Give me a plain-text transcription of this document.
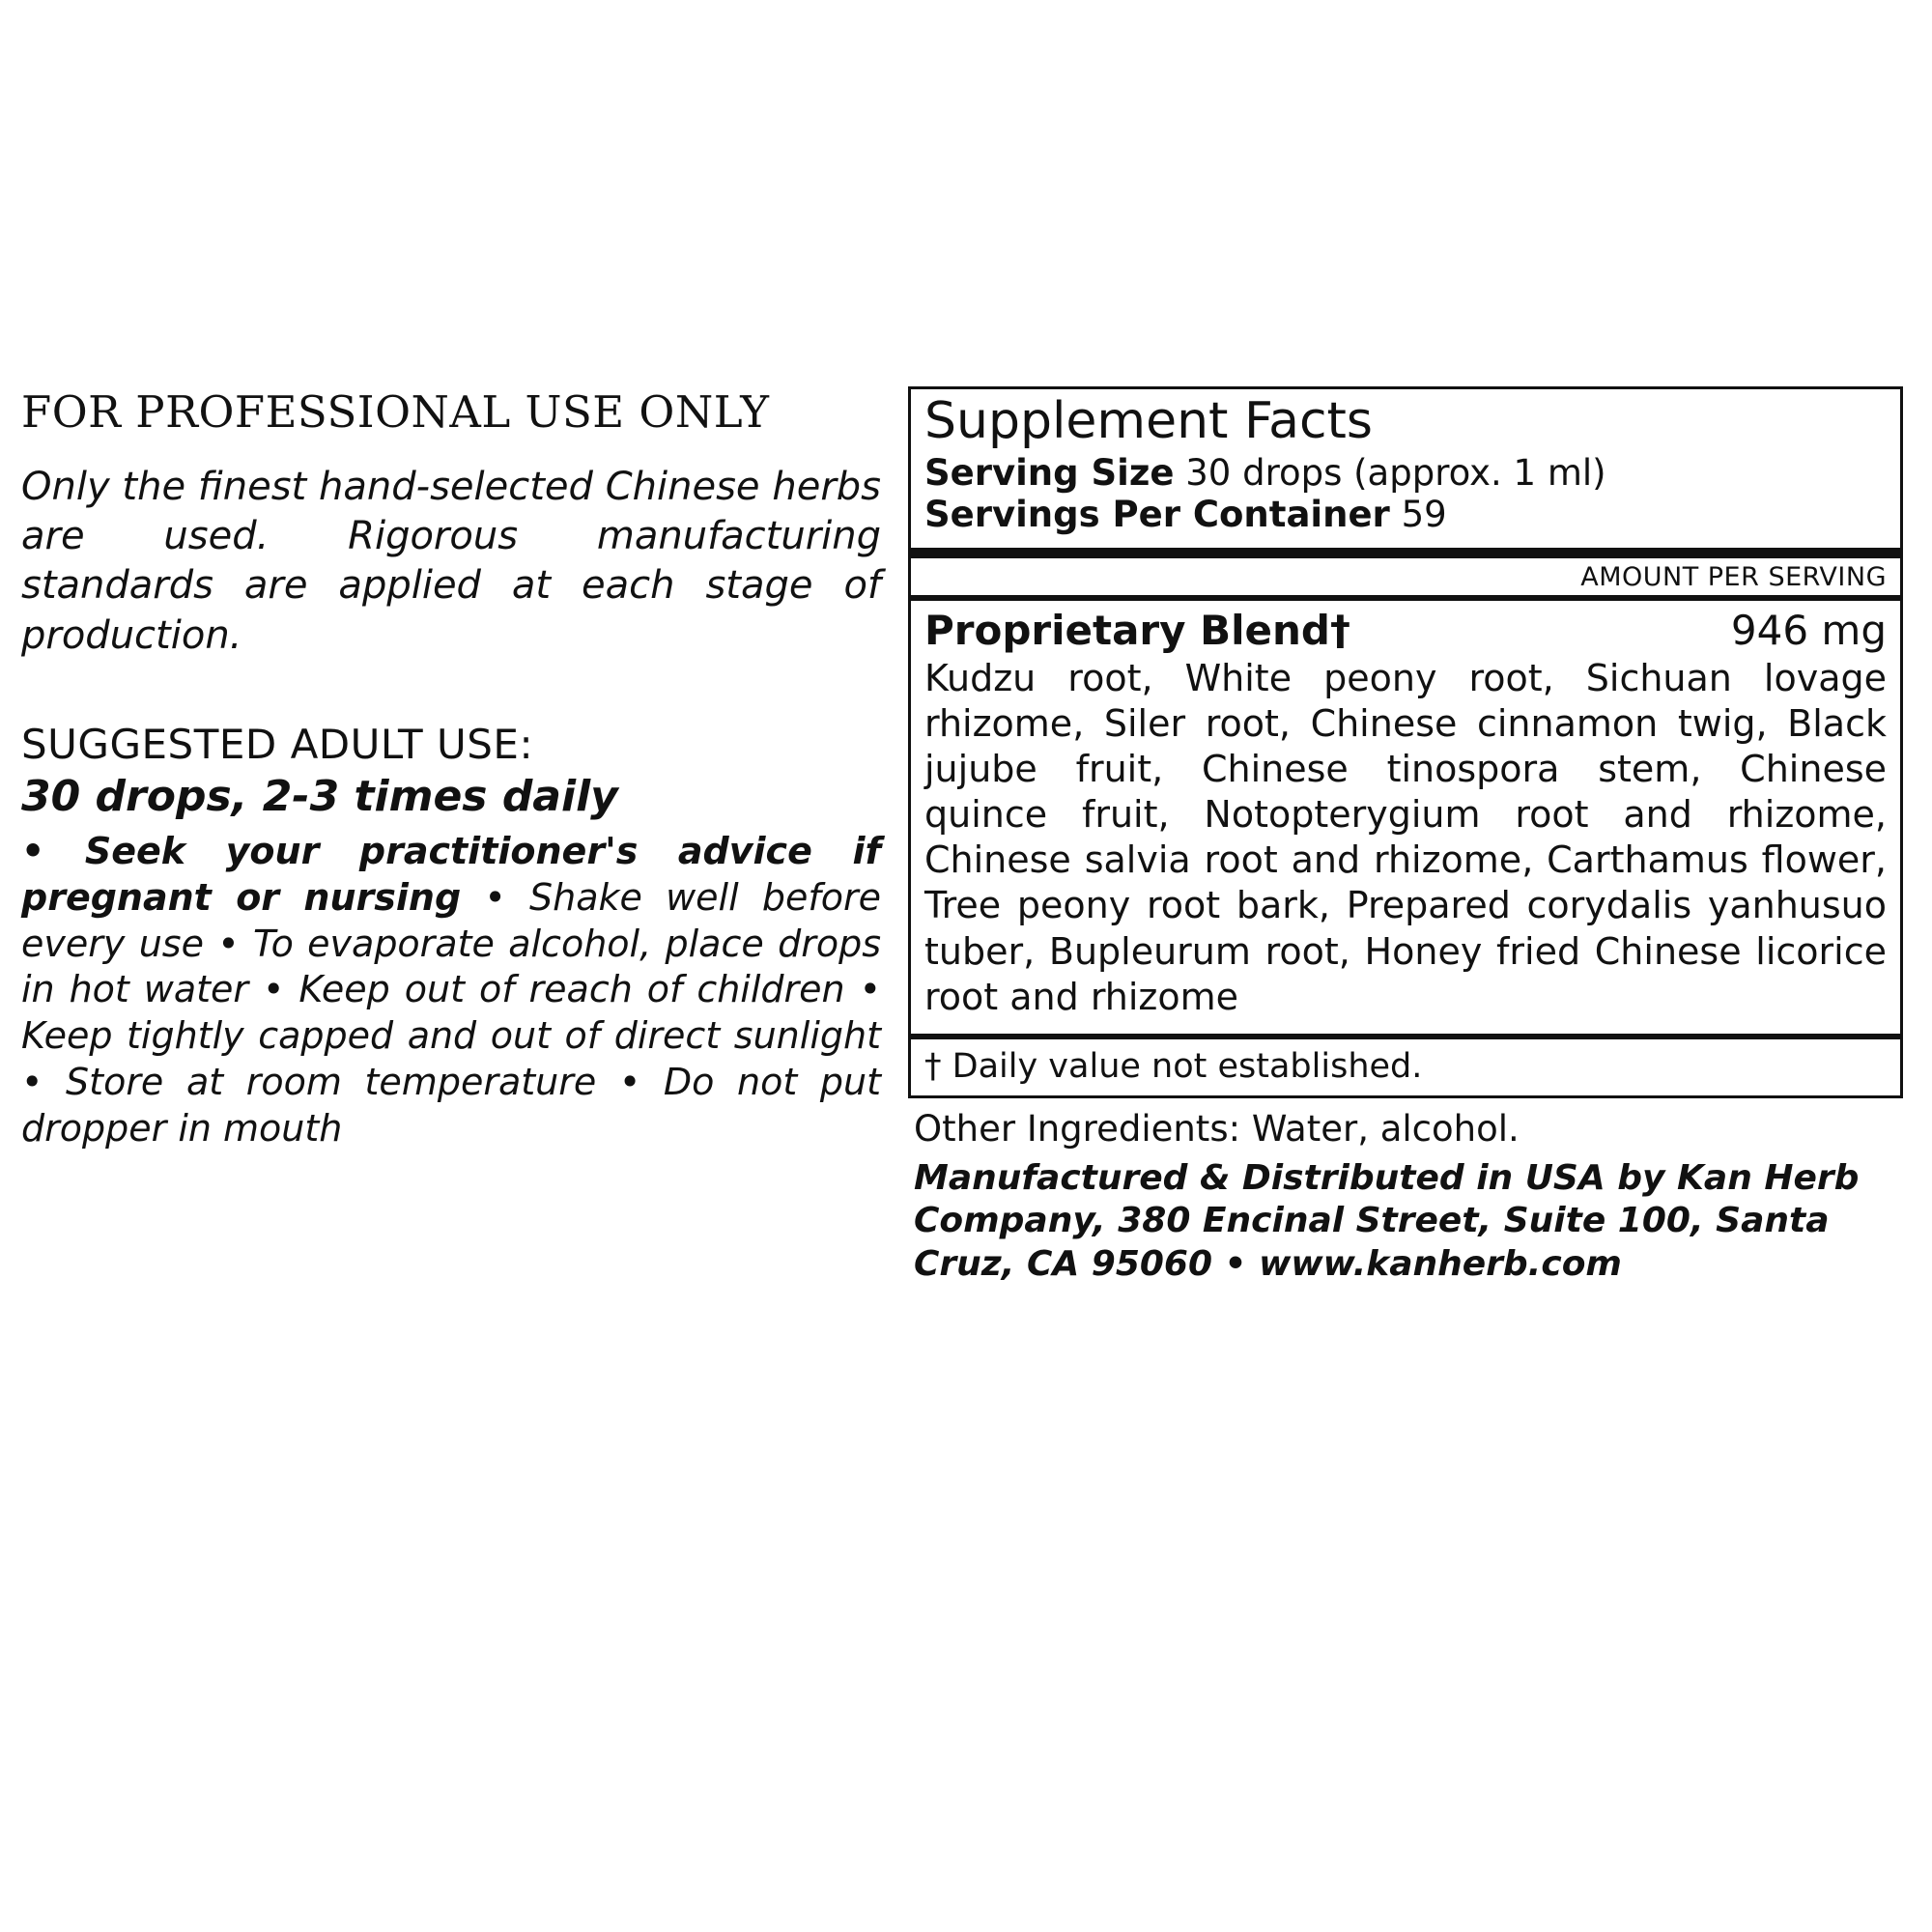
FOR PROFESSIONAL USE ONLY

Only the finest hand-selected Chinese herbs are used. Rigorous manufacturing standards are applied at each stage of production.

SUGGESTED ADULT USE:
30 drops, 2-3 times daily

• Seek your practitioner's advice if pregnant or nursing • Shake well before every use • To evaporate alcohol, place drops in hot water • Keep out of reach of children • Keep tightly capped and out of direct sunlight • Store at room temperature • Do not put dropper in mouth

Supplement Facts
Serving Size 30 drops (approx. 1 ml)
Servings Per Container 59
AMOUNT PER SERVING
Proprietary Blend†	946 mg
Kudzu root, White peony root, Sichuan lovage rhizome, Siler root, Chinese cinnamon twig, Black jujube fruit, Chinese tinospora stem, Chinese quince fruit, Notopterygium root and rhizome, Chinese salvia root and rhizome, Carthamus flower, Tree peony root bark, Prepared corydalis yanhusuo tuber, Bupleurum root, Honey fried Chinese licorice root and rhizome
† Daily value not established.
Other Ingredients: Water, alcohol.
Manufactured & Distributed in USA by Kan Herb Company, 380 Encinal Street, Suite 100, Santa Cruz, CA 95060 • www.kanherb.com
